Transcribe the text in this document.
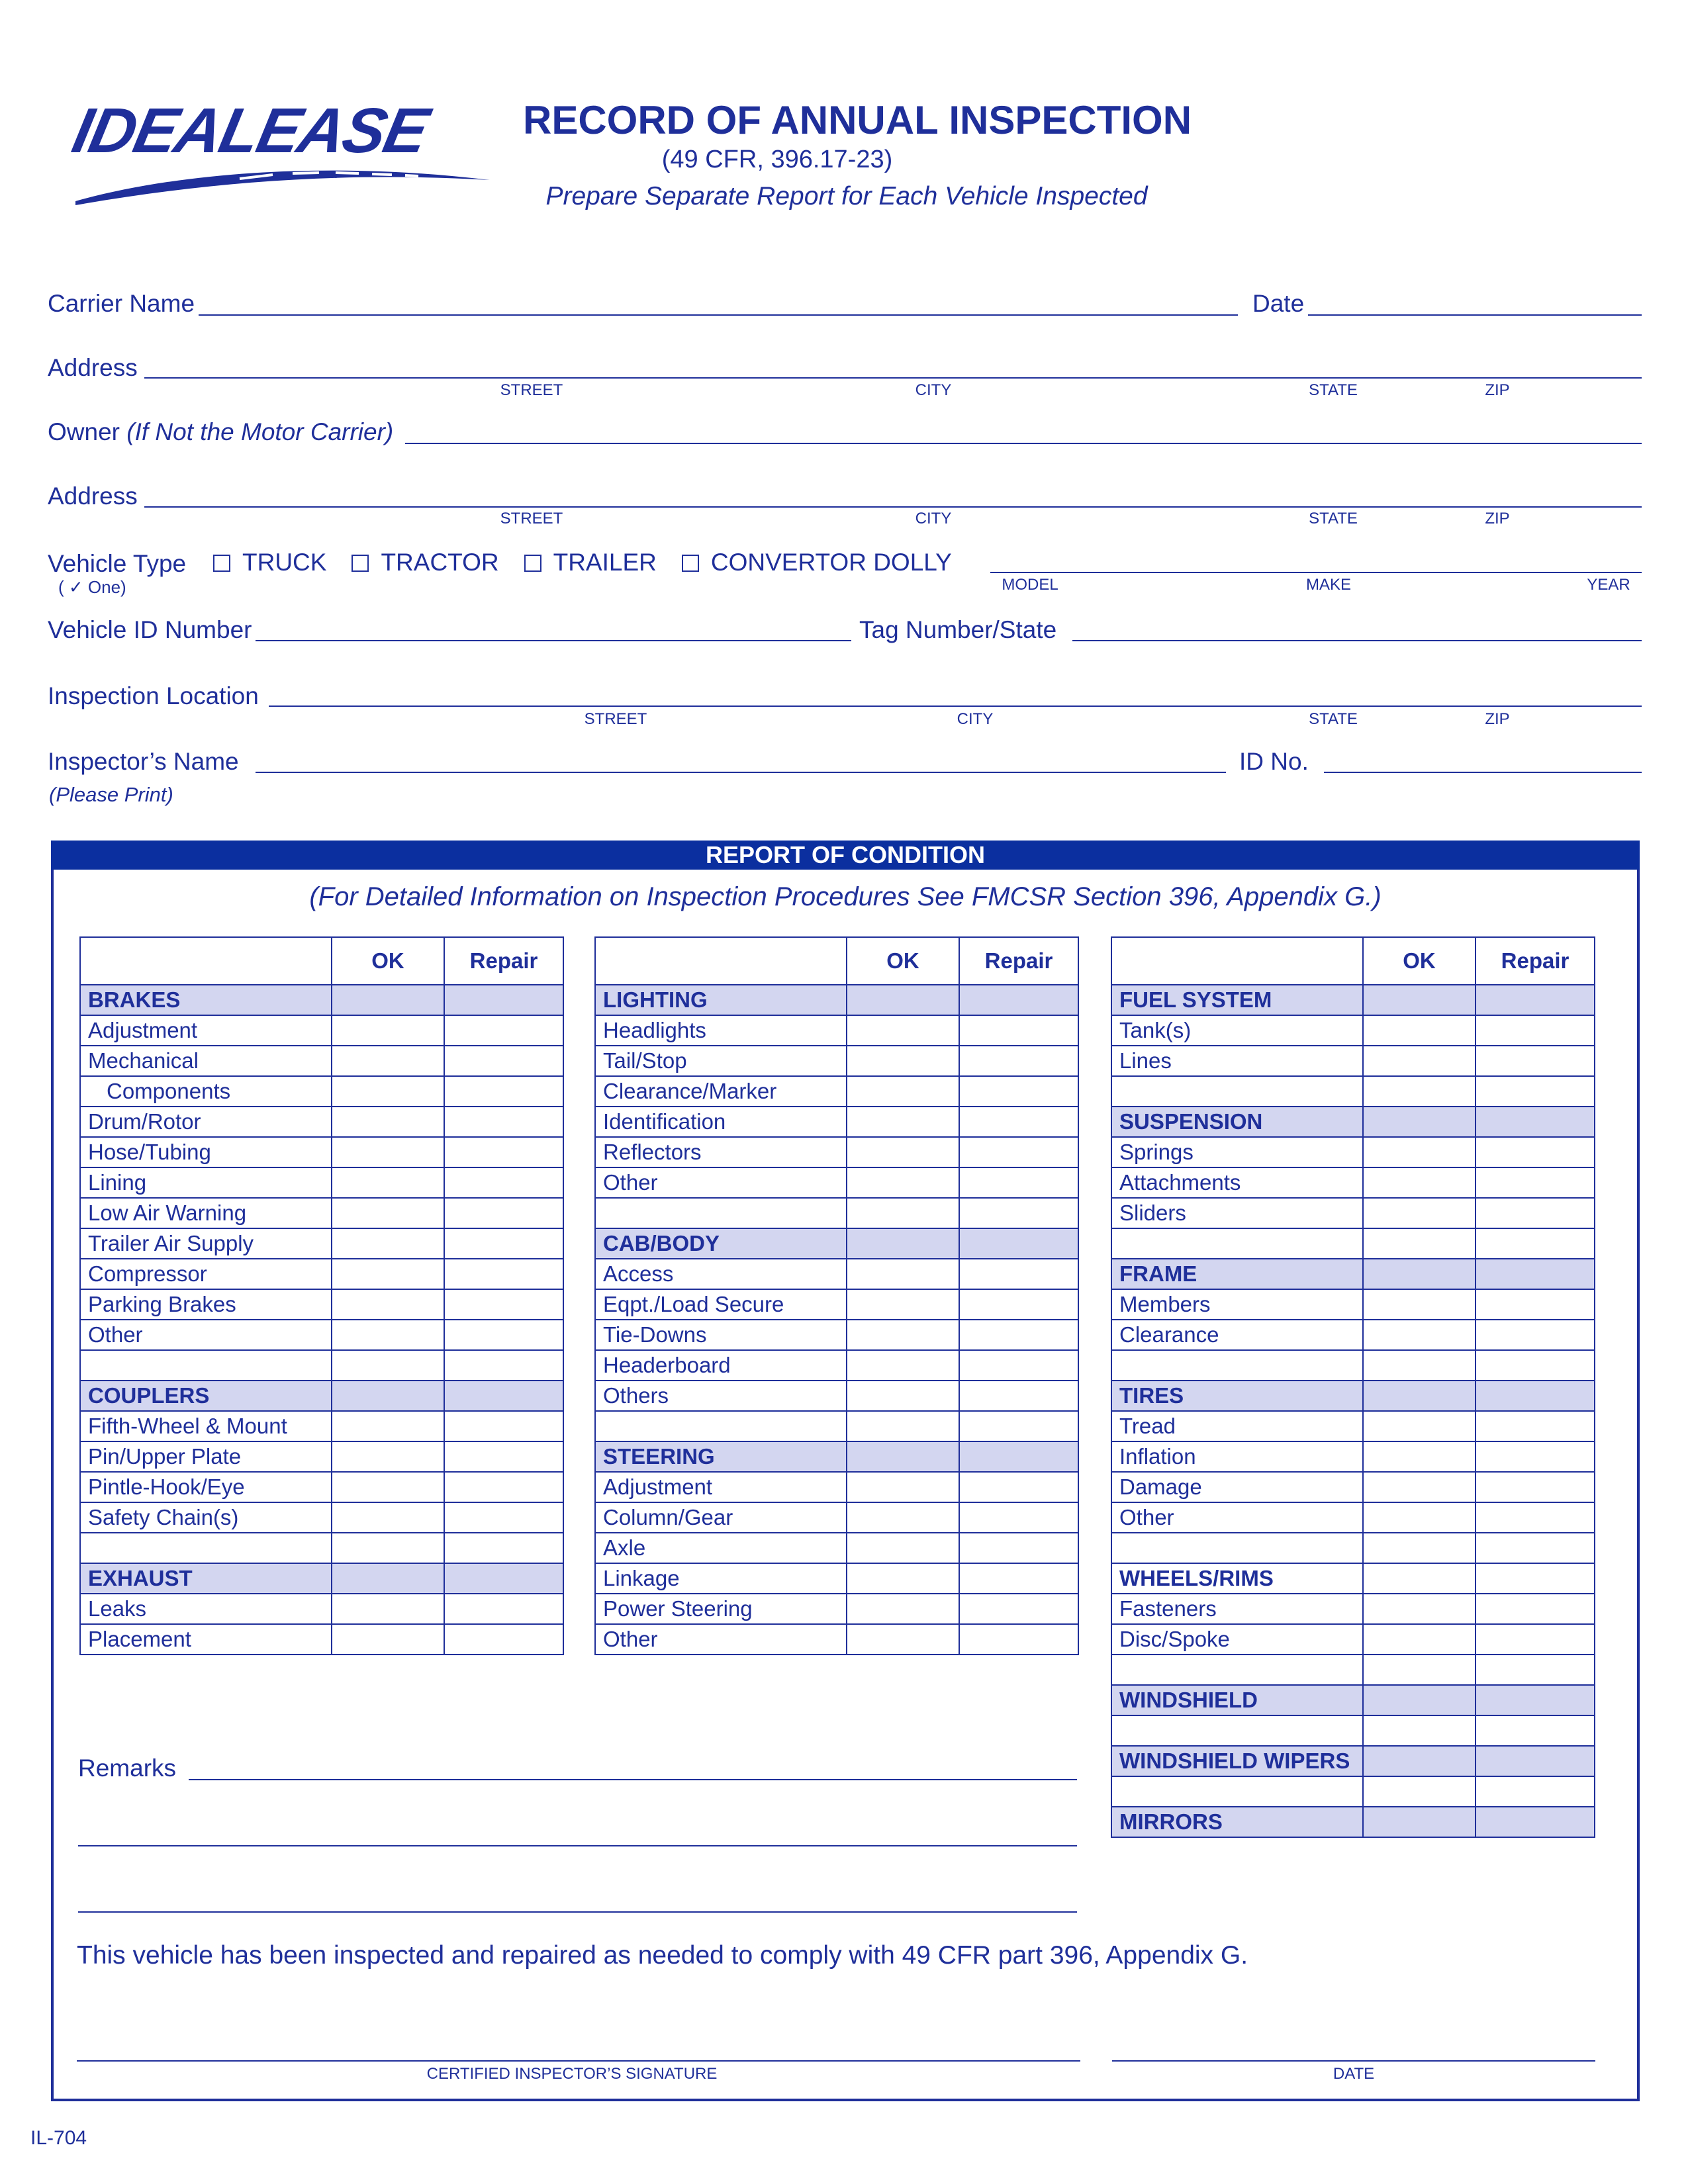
IDEALEASE RECORD OF ANNUAL INSPECTION
(49 CFR, 396.17-23)
Prepare Separate Report for Each Vehicle Inspected
Carrier Name	Date
Address
STREET	CITY	STATE	ZIP
Owner (If Not the Motor Carrier)
Address
STREET	CITY	STATE	ZIP
Vehicle Type
( ✓ One)
TRUCK TRACTOR TRAILER CONVERTOR DOLLY
MODEL	MAKE	YEAR
Vehicle ID Number	Tag Number/State
Inspection Location
STREET	CITY	STATE	ZIP
Inspector’s Name
(Please Print)
ID No.
REPORT OF CONDITION
(For Detailed Information on Inspection Procedures See FMCSR Section 396, Appendix G.)
	OK	Repair
BRAKES		
Adjustment		
Mechanical		
Components		
Drum/Rotor		
Hose/Tubing		
Lining		
Low Air Warning		
Trailer Air Supply		
Compressor		
Parking Brakes		
Other		

COUPLERS		
Fifth-Wheel & Mount		
Pin/Upper Plate		
Pintle-Hook/Eye		
Safety Chain(s)		

EXHAUST		
Leaks		
Placement		
	OK	Repair
LIGHTING		
Headlights		
Tail/Stop		
Clearance/Marker		
Identification		
Reflectors		
Other		

CAB/BODY		
Access		
Eqpt./Load Secure		
Tie-Downs		
Headerboard		
Others		

STEERING		
Adjustment		
Column/Gear		
Axle		
Linkage		
Power Steering		
Other		
	OK	Repair
FUEL SYSTEM		
Tank(s)		
Lines		

SUSPENSION		
Springs		
Attachments		
Sliders		

FRAME		
Members		
Clearance		

TIRES		
Tread		
Inflation		
Damage		
Other		

WHEELS/RIMS		
Fasteners		
Disc/Spoke		

WINDSHIELD		

WINDSHIELD WIPERS		

MIRRORS		
Remarks
This vehicle has been inspected and repaired as needed to comply with 49 CFR part 396, Appendix G.
CERTIFIED INSPECTOR’S SIGNATURE	DATE
IL-704
